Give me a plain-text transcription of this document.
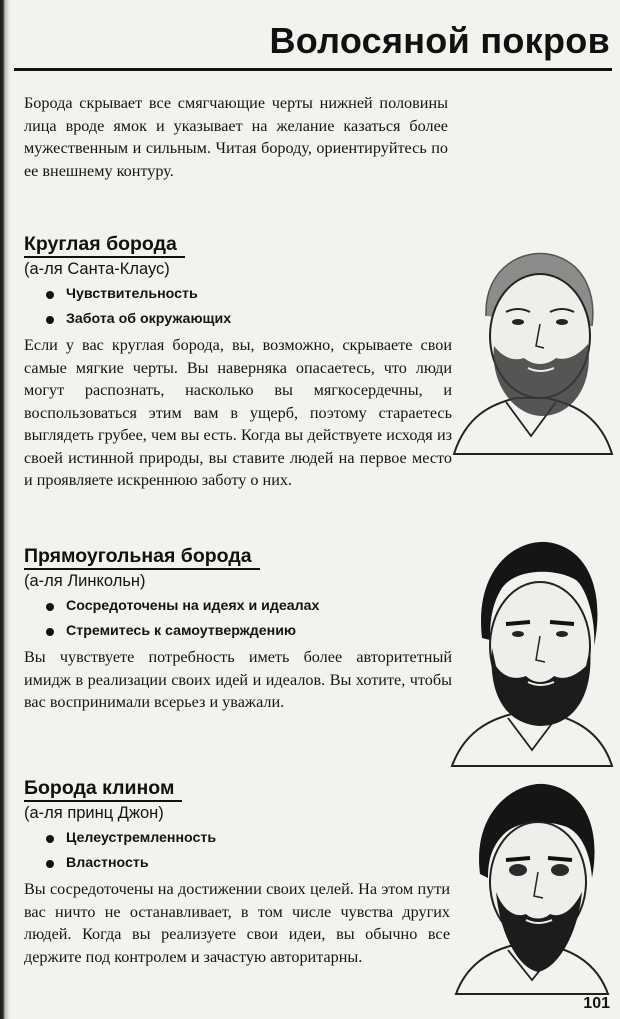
Волосяной покров

Борода скрывает все смягчающие черты нижней половины лица вроде ямок и указывает на желание казаться более мужественным и сильным. Читая бороду, ориентируйтесь по ее внешнему контуру.

Круглая борода

(а-ля Санта-Клаус)

Чувствительность
Забота об окружающих

Если у вас круглая борода, вы, возможно, скрываете свои самые мягкие черты. Вы наверняка опасаетесь, что люди могут распознать, насколько вы мягкосердечны, и воспользоваться этим вам в ущерб, поэтому стараетесь выглядеть грубее, чем вы есть. Когда вы действуете исходя из своей истинной природы, вы ставите людей на первое место и проявляете искреннюю заботу о них.

Прямоугольная борода

(а-ля Линкольн)

Сосредоточены на идеях и идеалах
Стремитесь к самоутверждению

Вы чувствуете потребность иметь более авторитетный имидж в реализации своих идей и идеалов. Вы хотите, чтобы вас воспринимали всерьез и уважали.

Борода клином

(а-ля принц Джон)

Целеустремленность
Властность

Вы сосредоточены на достижении своих целей. На этом пути вас ничто не останавливает, в том числе чувства других людей. Когда вы реализуете свои идеи, вы обычно все держите под контролем и зачастую авторитарны.

101
